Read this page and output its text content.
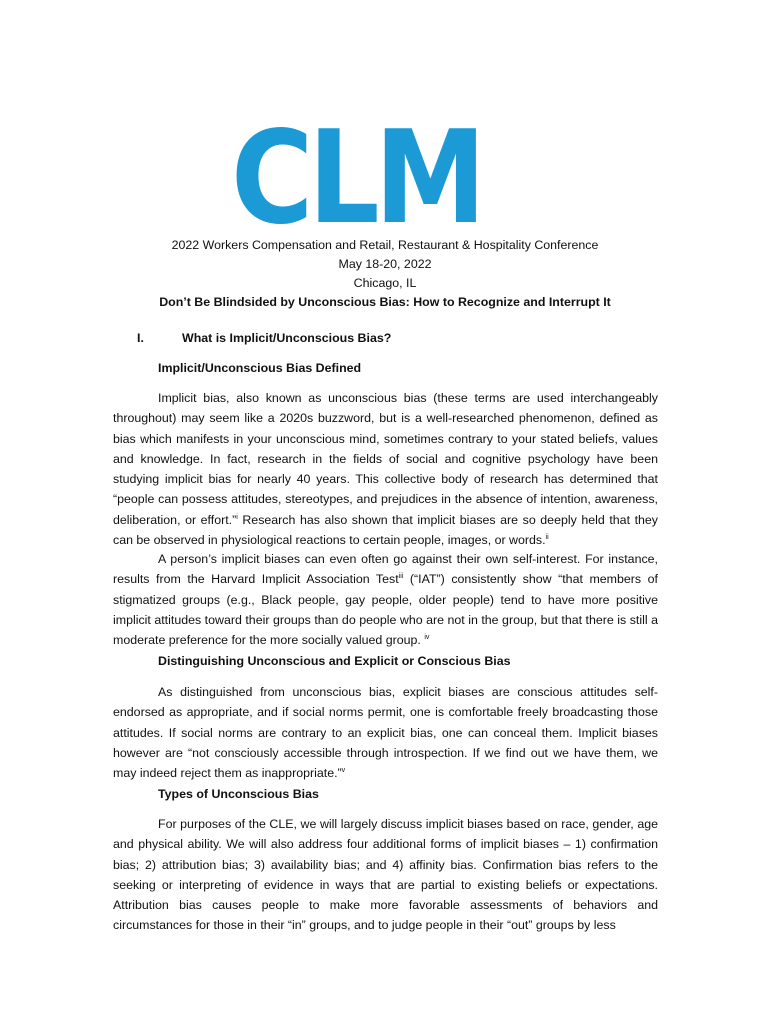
CLM
2022 Workers Compensation and Retail, Restaurant & Hospitality Conference
May 18-20, 2022
Chicago, IL
Don’t Be Blindsided by Unconscious Bias: How to Recognize and Interrupt It
I.	What is Implicit/Unconscious Bias?
Implicit/Unconscious Bias Defined

Implicit bias, also known as unconscious bias (these terms are used interchangeably throughout) may seem like a 2020s buzzword, but is a well-researched phenomenon, defined as bias which manifests in your unconscious mind, sometimes contrary to your stated beliefs, values and knowledge. In fact, research in the fields of social and cognitive psychology have been studying implicit bias for nearly 40 years. This collective body of research has determined that “people can possess attitudes, stereotypes, and prejudices in the absence of intention, awareness, deliberation, or effort.”$^i$ Research has also shown that implicit biases are so deeply held that they can be observed in physiological reactions to certain people, images, or words.$^{ii}$

A person’s implicit biases can even often go against their own self-interest. For instance, results from the Harvard Implicit Association Test$^{iii}$ (“IAT”) consistently show “that members of stigmatized groups (e.g., Black people, gay people, older people) tend to have more positive implicit attitudes toward their groups than do people who are not in the group, but that there is still a moderate preference for the more socially valued group. $^{iv}$

Distinguishing Unconscious and Explicit or Conscious Bias

As distinguished from unconscious bias, explicit biases are conscious attitudes self-endorsed as appropriate, and if social norms permit, one is comfortable freely broadcasting those attitudes. If social norms are contrary to an explicit bias, one can conceal them. Implicit biases however are “not consciously accessible through introspection. If we find out we have them, we may indeed reject them as inappropriate.”$^v$

Types of Unconscious Bias

For purposes of the CLE, we will largely discuss implicit biases based on race, gender, age and physical ability. We will also address four additional forms of implicit biases – 1) confirmation bias; 2) attribution bias; 3) availability bias; and 4) affinity bias. Confirmation bias refers to the seeking or interpreting of evidence in ways that are partial to existing beliefs or expectations. Attribution bias causes people to make more favorable assessments of behaviors and circumstances for those in their “in” groups, and to judge people in their “out” groups by less
